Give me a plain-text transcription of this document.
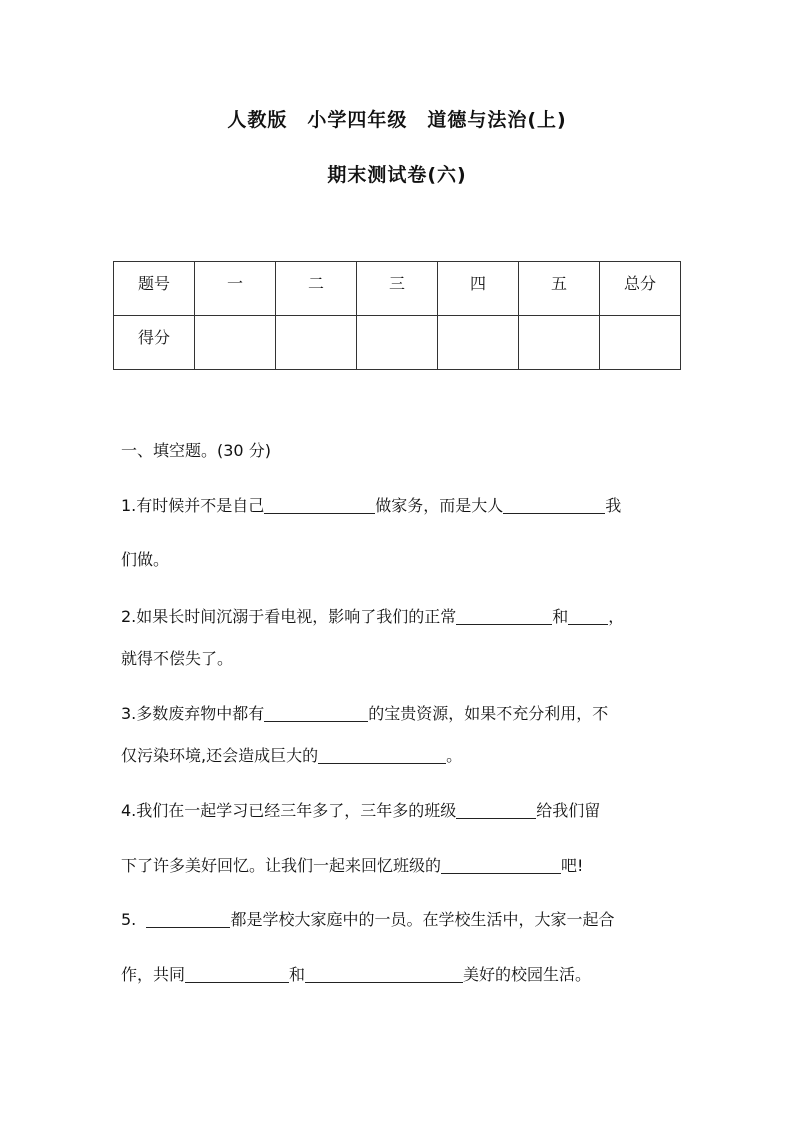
人教版　小学四年级　道德与法治(上)
期末测试卷(六)
题号	一	二	三	四	五	总分
得分						
一、填空题。(30 分)
1.有时候并不是自己	做家务，而是大人	我
们做。
2.如果长时间沉溺于看电视，影响了我们的正常	和	，
就得不偿失了。
3.多数废弃物中都有	的宝贵资源，如果不充分利用，不
仅污染环境,还会造成巨大的	。
4.我们在一起学习已经三年多了，三年多的班级	给我们留
下了许多美好回忆。让我们一起来回忆班级的	吧!
5.	都是学校大家庭中的一员。在学校生活中，大家一起合
作，共同	和	美好的校园生活。
